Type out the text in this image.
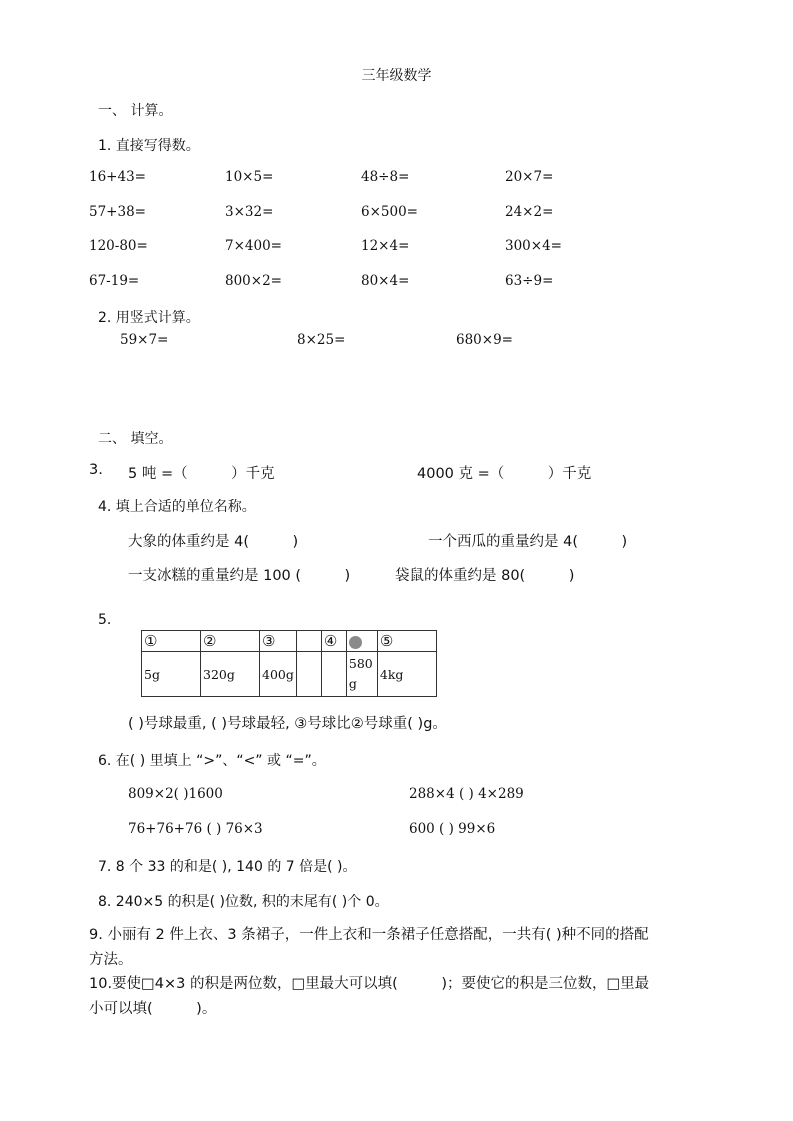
三年级数学
一、 计算。
1. 直接写得数。
16+43=	10×5=	48÷8=	20×7=
57+38=	3×32=	6×500=	24×2=
120-80=	7×400=	12×4=	300×4=
67-19=	800×2=	80×4=	63÷9=
2. 用竖式计算。
59×7=	8×25=	680×9=
二、 填空。
3. 5 吨 =（　　　）千克	4000 克 =（　　　）千克
4. 填上合适的单位名称。
大象的体重约是 4(　　　)	一个西瓜的重量约是 4(　　　)
一支冰糕的重量约是 100 (　　　)	袋鼠的体重约是 80(　　　)
5.
①	②	③		④		⑤
5g	320g	400g			580g	4kg
( )号球最重, ( )号球最轻, ③号球比②号球重( )g。
6. 在( ) 里填上 “>”、“<” 或 “=”。
809×2( )1600	288×4 ( ) 4×289
76+76+76 ( ) 76×3	600 ( ) 99×6
7. 8 个 33 的和是( ), 140 的 7 倍是( )。
8. 240×5 的积是( )位数, 积的末尾有( )个 0。
9. 小丽有 2 件上衣、3 条裙子，一件上衣和一条裙子任意搭配，一共有( )种不同的搭配
方法。
10.要使□4×3 的积是两位数，□里最大可以填(　　　)；要使它的积是三位数，□里最
小可以填(　　　)。
